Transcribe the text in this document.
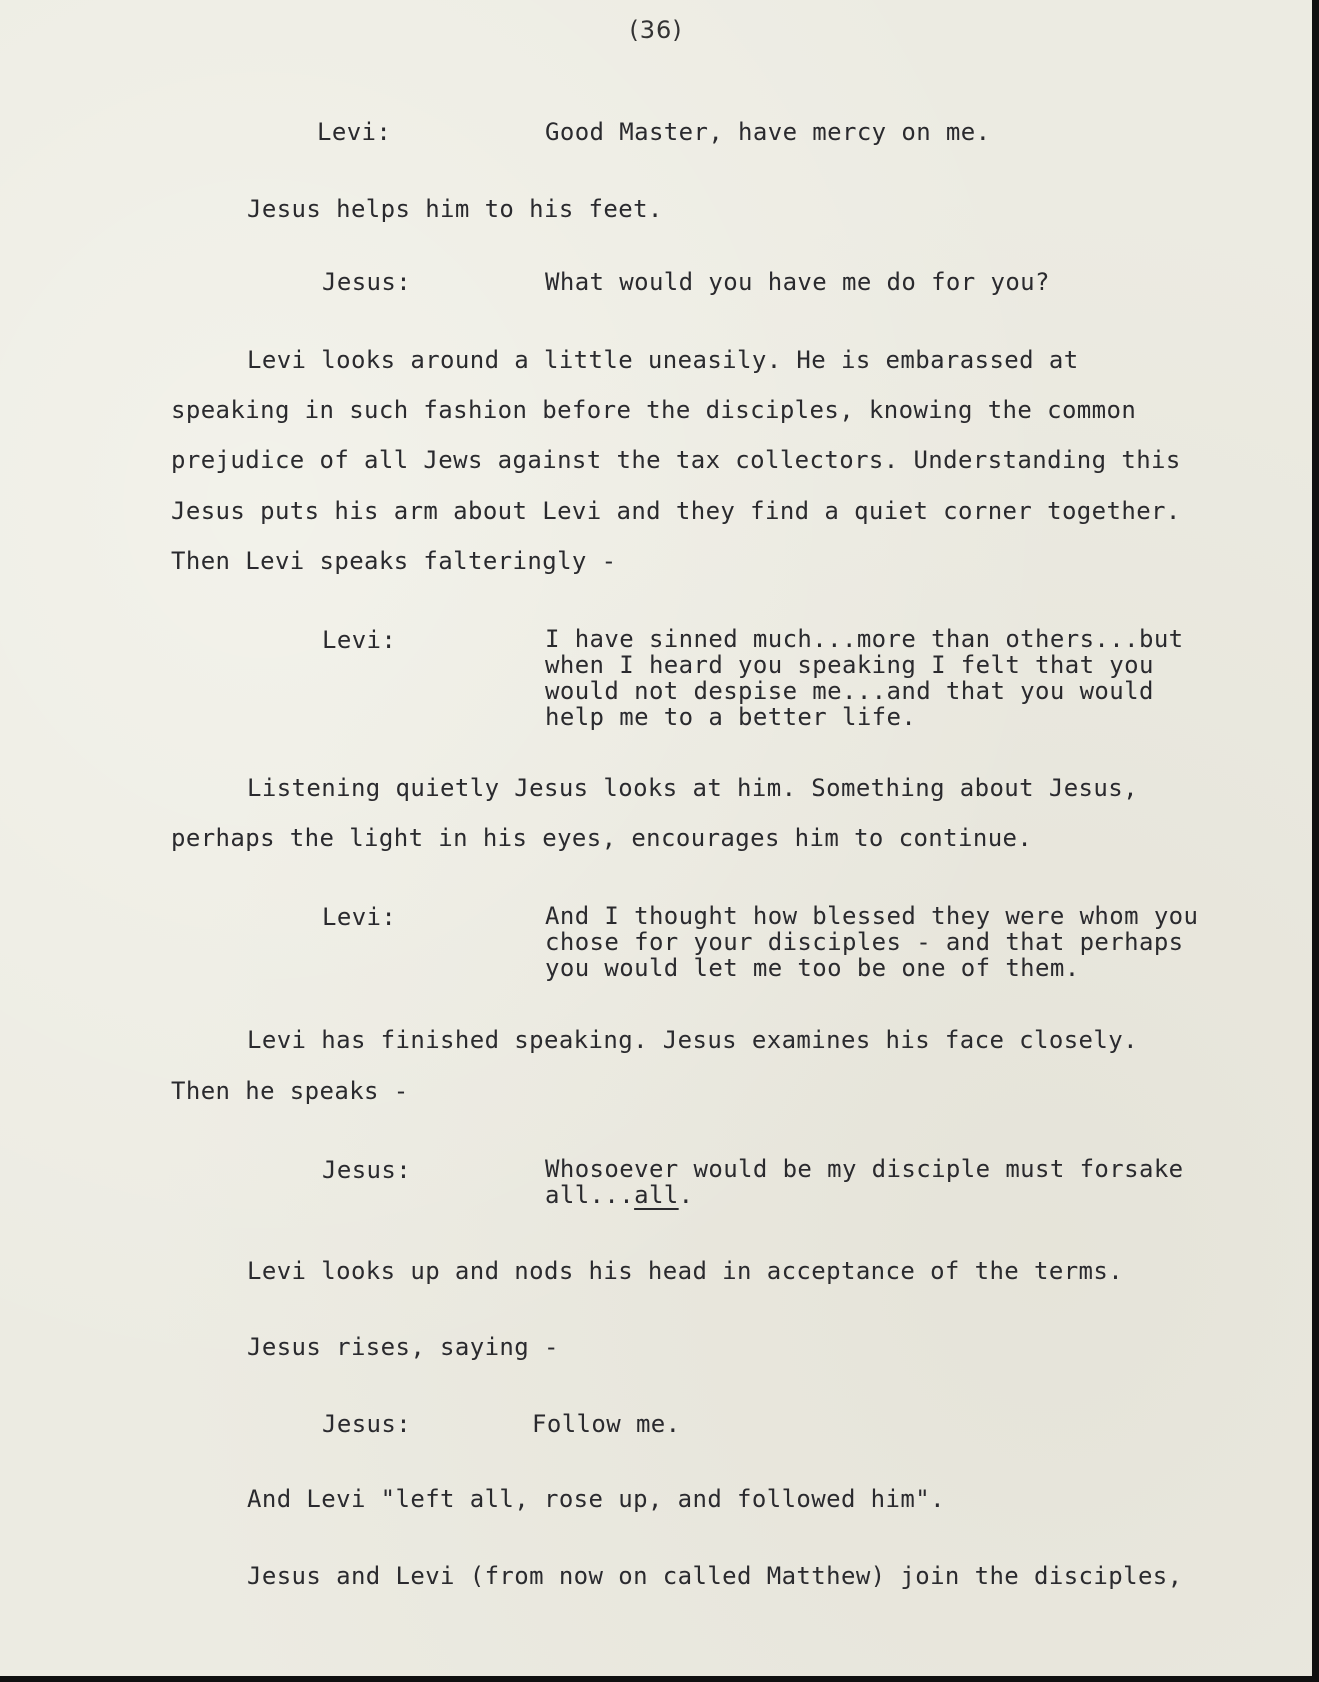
(36)
Levi:	Good Master, have mercy on me.
Jesus helps him to his feet.
Jesus:	What would you have me do for you?
Levi looks around a little uneasily. He is embarassed at
speaking in such fashion before the disciples, knowing the common
prejudice of all Jews against the tax collectors. Understanding this
Jesus puts his arm about Levi and they find a quiet corner together.
Then Levi speaks falteringly -
Levi:	I have sinned much...more than others...but
when I heard you speaking I felt that you
would not despise me...and that you would
help me to a better life.
Listening quietly Jesus looks at him. Something about Jesus,
perhaps the light in his eyes, encourages him to continue.
Levi:	And I thought how blessed they were whom you
chose for your disciples - and that perhaps
you would let me too be one of them.
Levi has finished speaking. Jesus examines his face closely.
Then he speaks -
Jesus:	Whosoever would be my disciple must forsake
all...all.
Levi looks up and nods his head in acceptance of the terms.
Jesus rises, saying -
Jesus:	Follow me.
And Levi "left all, rose up, and followed him".
Jesus and Levi (from now on called Matthew) join the disciples,
